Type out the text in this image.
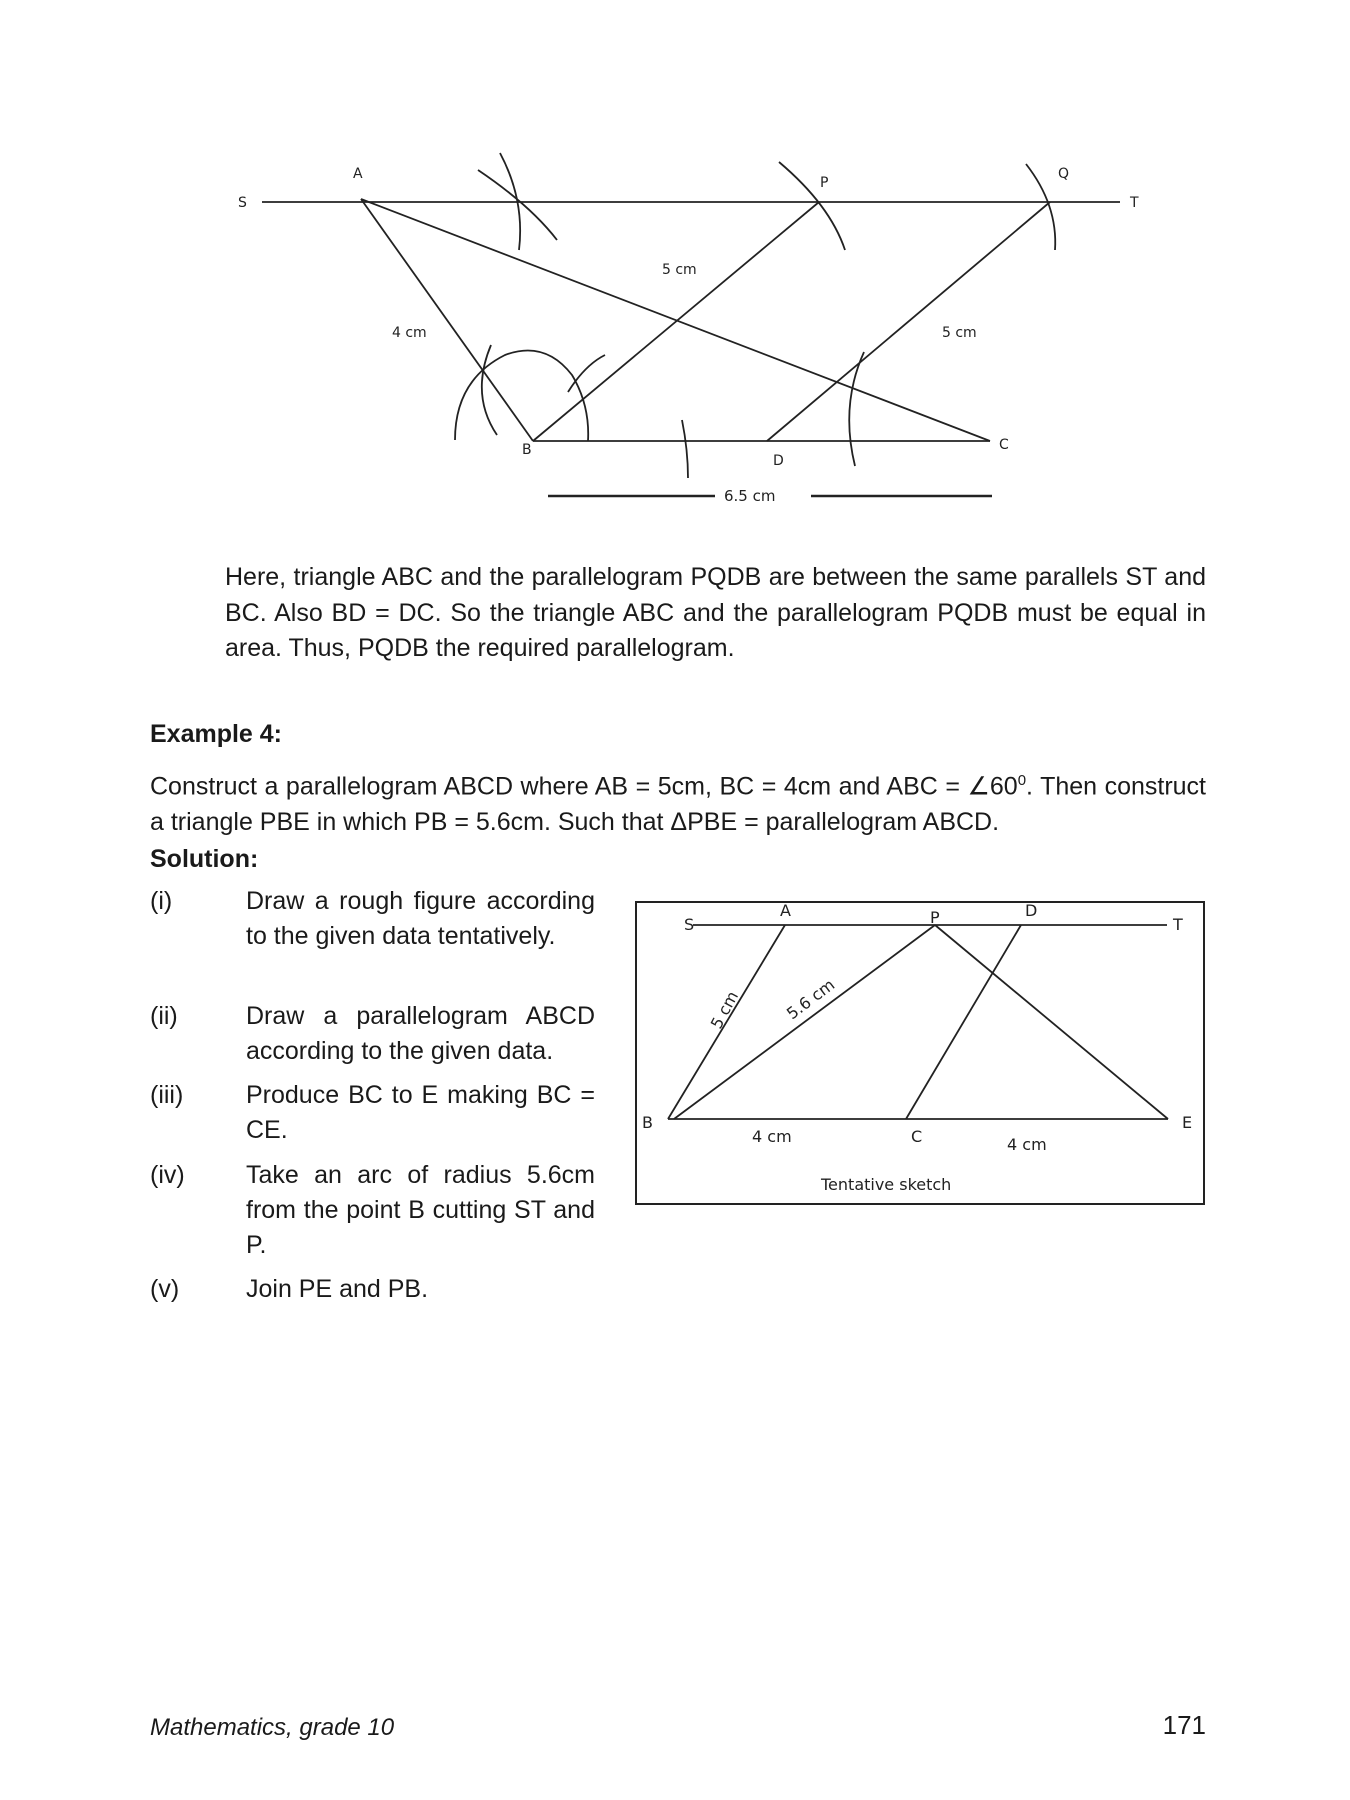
S
A
P
Q
T
B
D
C
4 cm
5 cm
5 cm
6.5 cm
S
A	P	D
T
B
C
E
5 cm	5.6 cm
4 cm	4 cm
Tentative sketch
Here, triangle ABC and the parallelogram PQDB are between the same parallels ST and BC. Also BD = DC. So the triangle ABC and the parallelogram PQDB must be equal in area. Thus, PQDB the required parallelogram.
Example 4:
Construct a parallelogram ABCD where AB = 5cm, BC = 4cm and ABC = $\angle 60^0$. Then construct a triangle PBE in which PB = 5.6cm. Such that ΔPBE = parallelogram ABCD.
Solution:
(i)	Draw a rough figure according to the given data tentatively.
(ii)	Draw a parallelogram ABCD according to the given data.
(iii)	Produce BC to E making BC = CE.
(iv) Take an arc of radius 5.6cm from the point B cutting ST and P.
(v)	Join PE and PB.
Mathematics, grade 10	171
